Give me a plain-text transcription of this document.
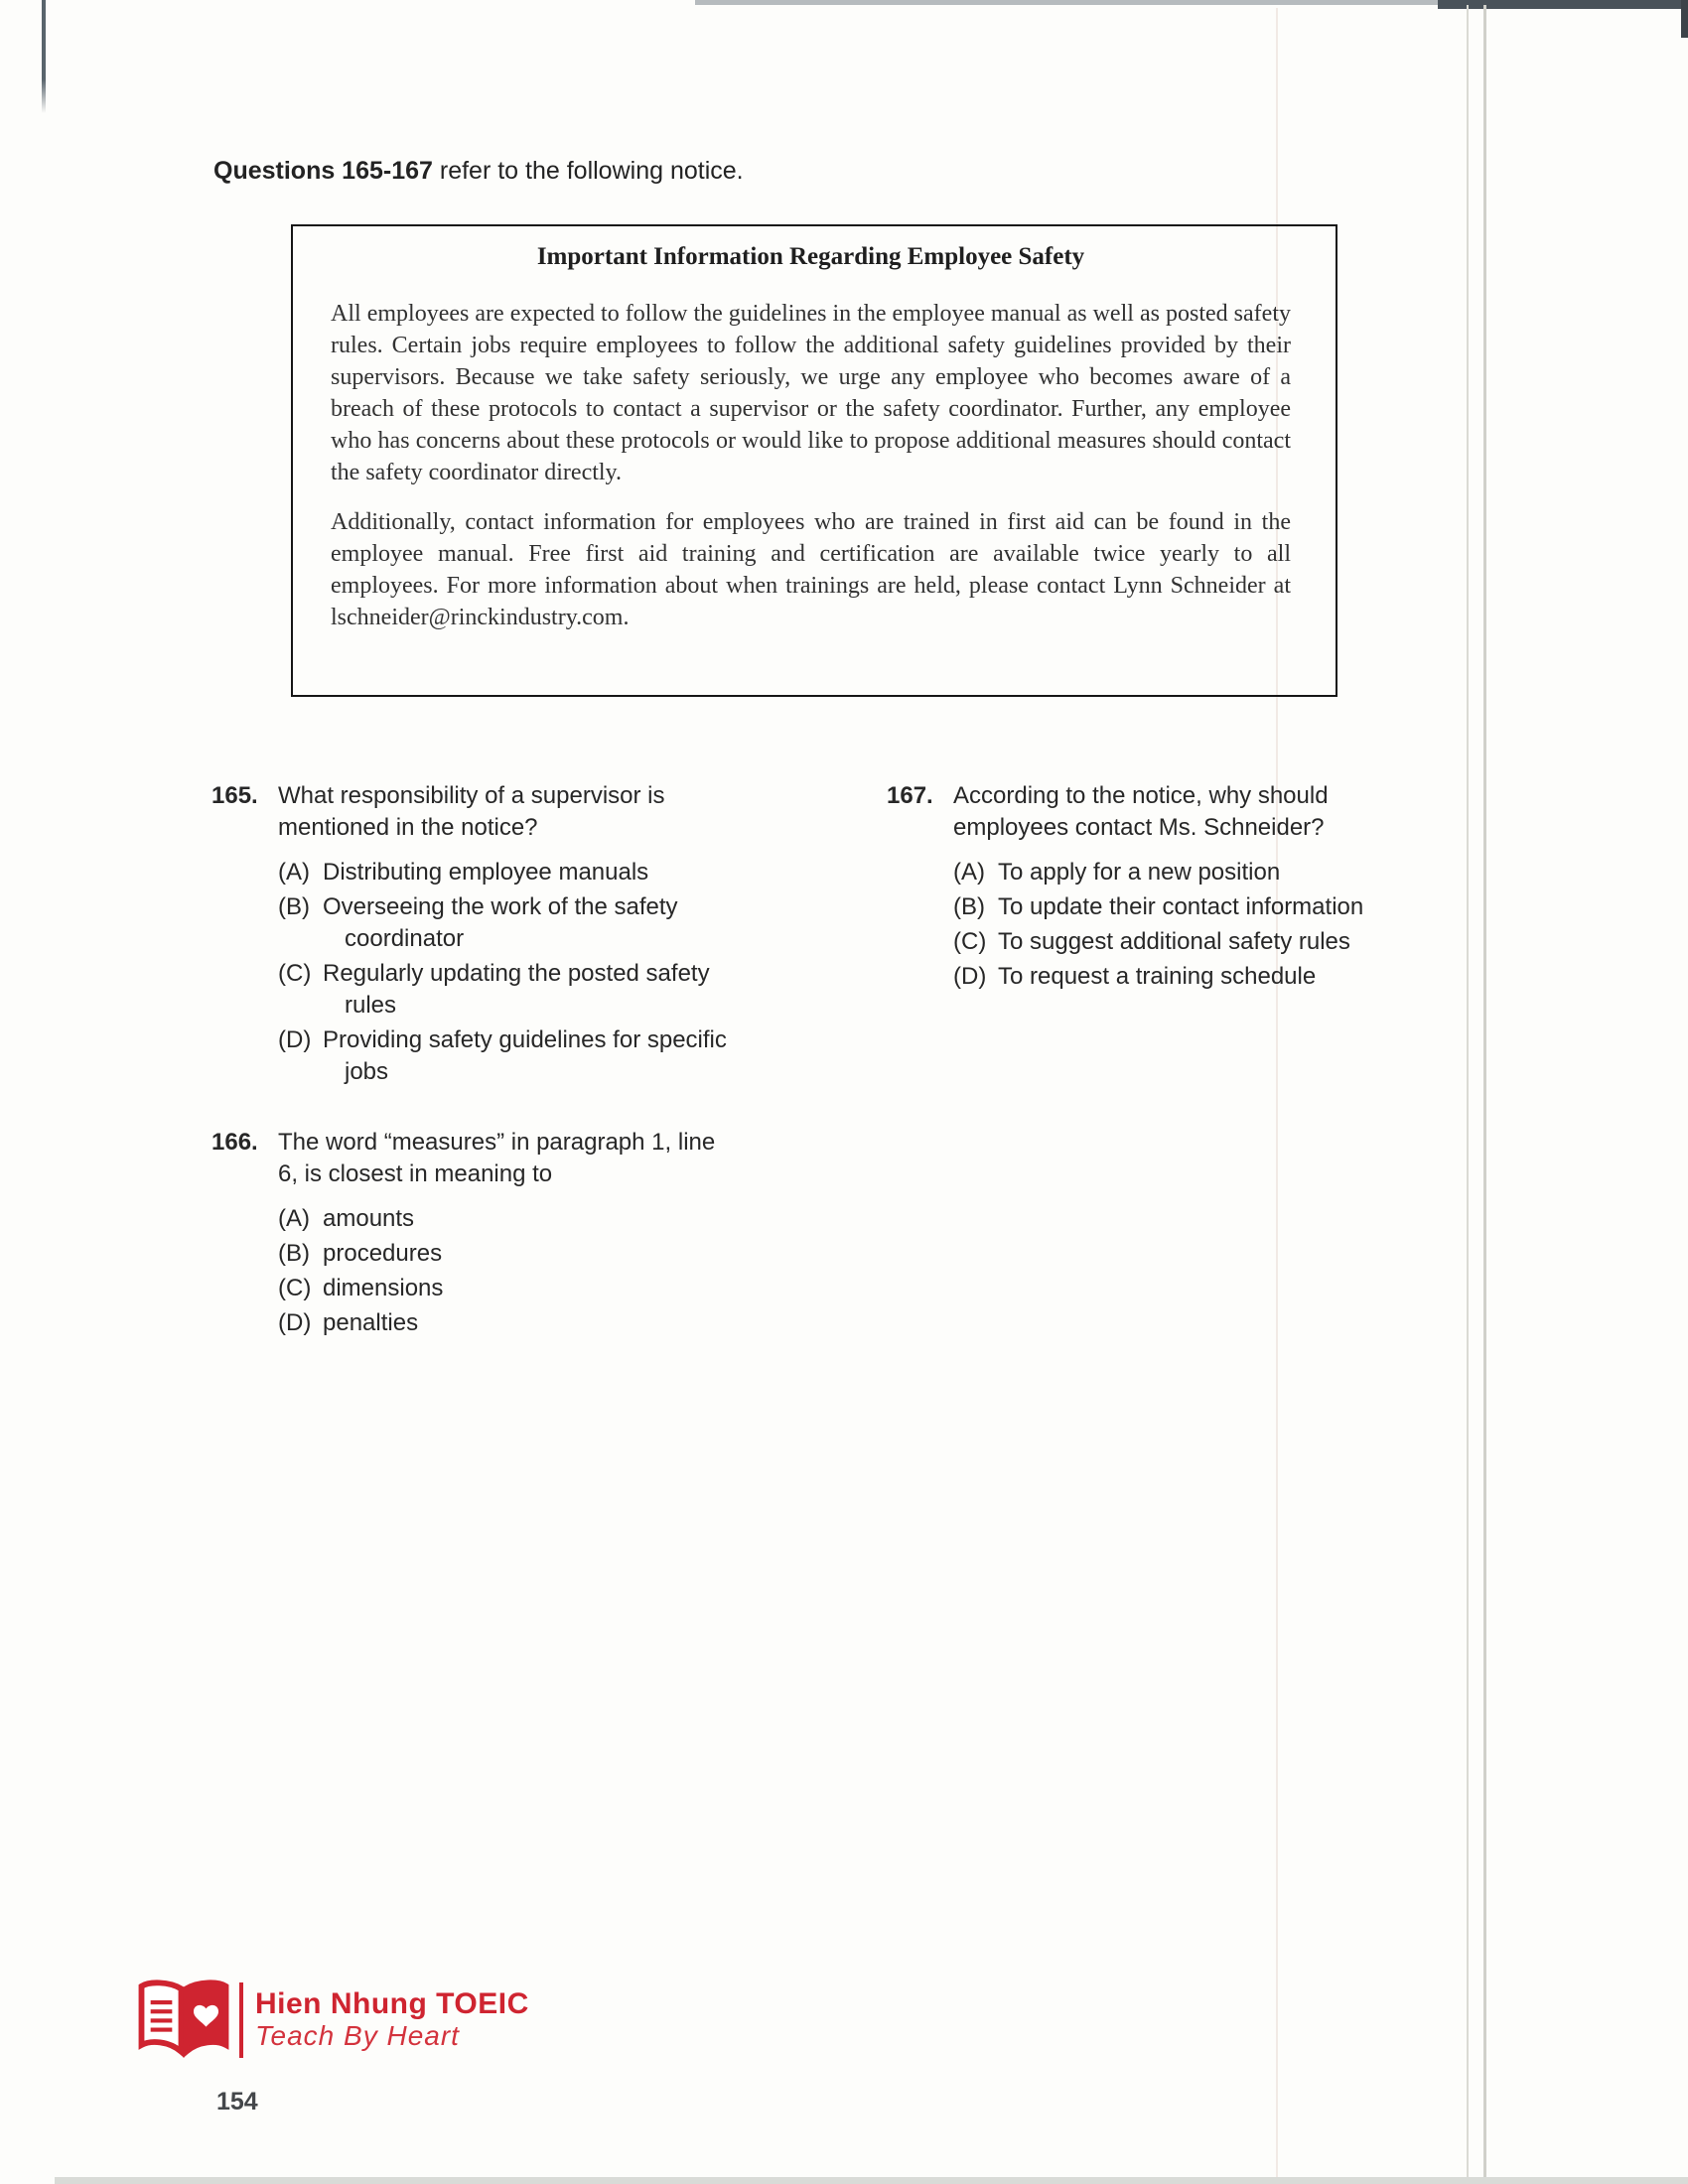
Questions 165-167 refer to the following notice.
Important Information Regarding Employee Safety

All employees are expected to follow the guidelines in the employee manual as well as posted safety rules. Certain jobs require employees to follow the additional safety guidelines provided by their supervisors. Because we take safety seriously, we urge any employee who becomes aware of a breach of these protocols to contact a supervisor or the safety coordinator. Further, any employee who has concerns about these protocols or would like to propose additional measures should contact the safety coordinator directly.

Additionally, contact information for employees who are trained in first aid can be found in the employee manual. Free first aid training and certification are available twice yearly to all employees. For more information about when trainings are held, please contact Lynn Schneider at lschneider@rinckindustry.com.

165. What responsibility of a supervisor is mentioned in the notice?
(A) Distributing employee manuals
(B) Overseeing the work of the safety coordinator
(C) Regularly updating the posted safety rules
(D) Providing safety guidelines for specific jobs
166. The word “measures” in paragraph 1, line 6, is closest in meaning to
(A) amounts
(B) procedures
(C) dimensions
(D) penalties
167. According to the notice, why should employees contact Ms. Schneider?
(A) To apply for a new position
(B) To update their contact information
(C) To suggest additional safety rules
(D) To request a training schedule
Hien Nhung TOEIC
Teach By Heart
154
